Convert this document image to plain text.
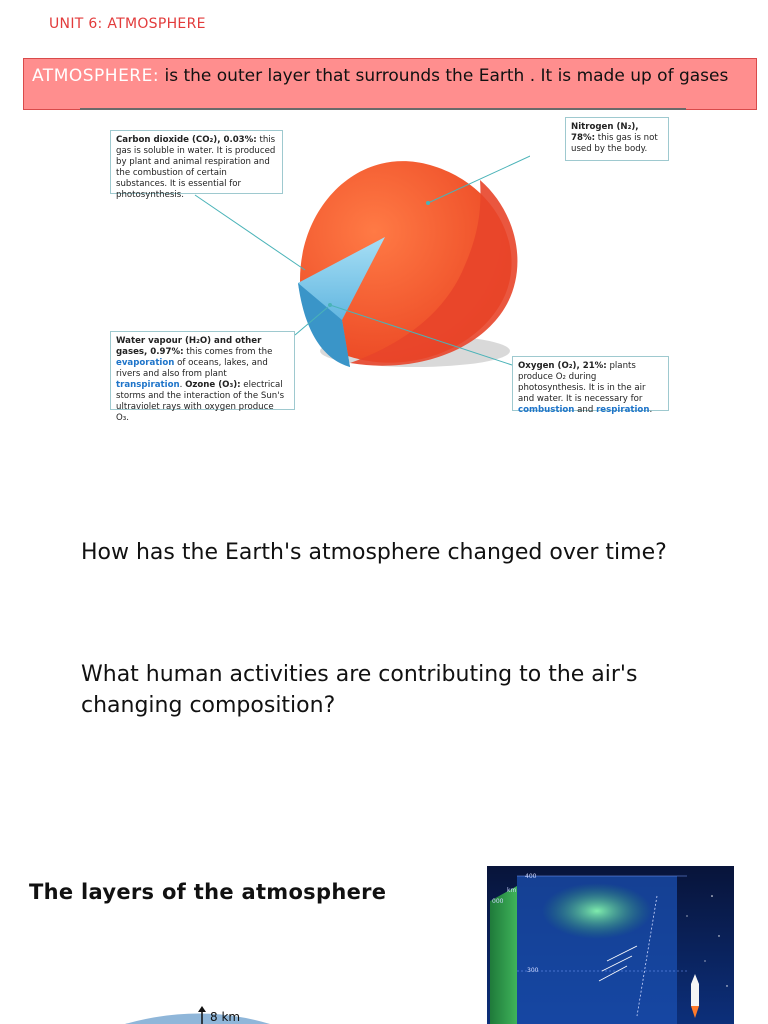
UNIT 6: ATMOSPHERE
ATMOSPHERE: is the outer layer that surrounds the Earth . It is made up of gases
Carbon dioxide (CO₂), 0.03%: this gas is soluble in water. It is produced by plant and animal respiration and the combustion of certain substances. It is essential for photosynthesis.
Nitrogen (N₂), 78%: this gas is not used by the body.
Water vapour (H₂O) and other gases, 0.97%: this comes from the evaporation of oceans, lakes, and rivers and also from plant transpiration. Ozone (O₃): electrical storms and the interaction of the Sun's ultraviolet rays with oxygen produce O₃.
Oxygen (O₂), 21%: plants produce O₂ during photosynthesis. It is in the air and water. It is necessary for combustion and respiration.
How has the Earth's atmosphere changed over time?
What human activities are contributing to the air's changing composition?
The layers of the atmosphere
400
km
000
300
8 km
